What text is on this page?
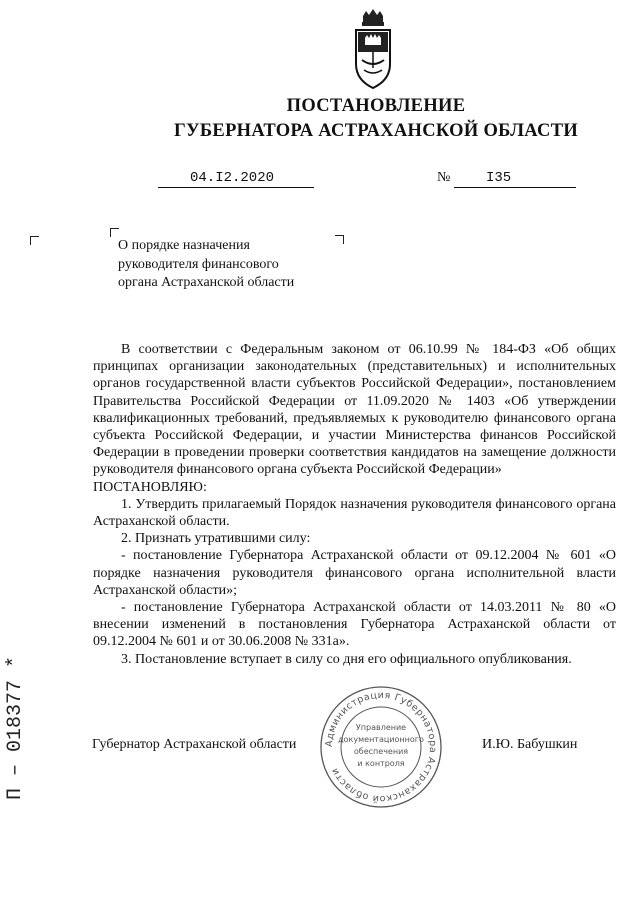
ПОСТАНОВЛЕНИЕ
ГУБЕРНАТОРА АСТРАХАНСКОЙ ОБЛАСТИ
04.I2.2020	№	I35
О порядке назначения
руководителя финансового
органа Астраханской области

В соответствии с Федеральным законом от 06.10.99 № 184-ФЗ «Об общих принципах организации законодательных (представительных) и исполнительных органов государственной власти субъектов Российской Федерации», постановлением Правительства Российской Федерации от 11.09.2020 № 1403 «Об утверждении квалификационных требований, предъявляемых к руководителю финансового органа субъекта Российской Федерации, и участии Министерства финансов Российской Федерации в проведении проверки соответствия кандидатов на замещение должности руководителя финансового органа субъекта Российской Федерации»

ПОСТАНОВЛЯЮ:

1. Утвердить прилагаемый Порядок назначения руководителя финансового органа Астраханской области.

2. Признать утратившими силу:

- постановление Губернатора Астраханской области от 09.12.2004 № 601 «О порядке назначения руководителя финансового органа исполнительной власти Астраханской области»;

- постановление Губернатора Астраханской области от 14.03.2011 № 80 «О внесении изменений в постановления Губернатора Астраханской области от 09.12.2004 № 601 и от 30.06.2008 № 331а».

3. Постановление вступает в силу со дня его официального опубликования.

Администрация Губернатора Астраханской области
Управление
документационного
обеспечения
и контроля
Губернатор Астраханской области	И.Ю. Бабушкин
П – 018377 *
